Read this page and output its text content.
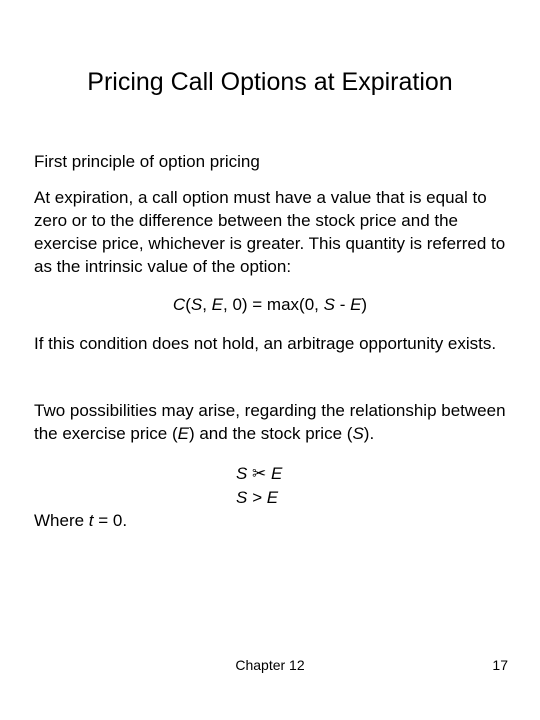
Pricing Call Options at Expiration
First principle of option pricing
At expiration, a call option must have a value that is equal to zero or to the difference between the stock price and the exercise price, whichever is greater. This quantity is referred to as the intrinsic value of the option:
C(S, E, 0) = max(0, S - E)
If this condition does not hold, an arbitrage opportunity exists.
Two possibilities may arise, regarding the relationship between the exercise price (E) and the stock price (S).
S ✂ E
S > E
Where t = 0.
Chapter 12	17
